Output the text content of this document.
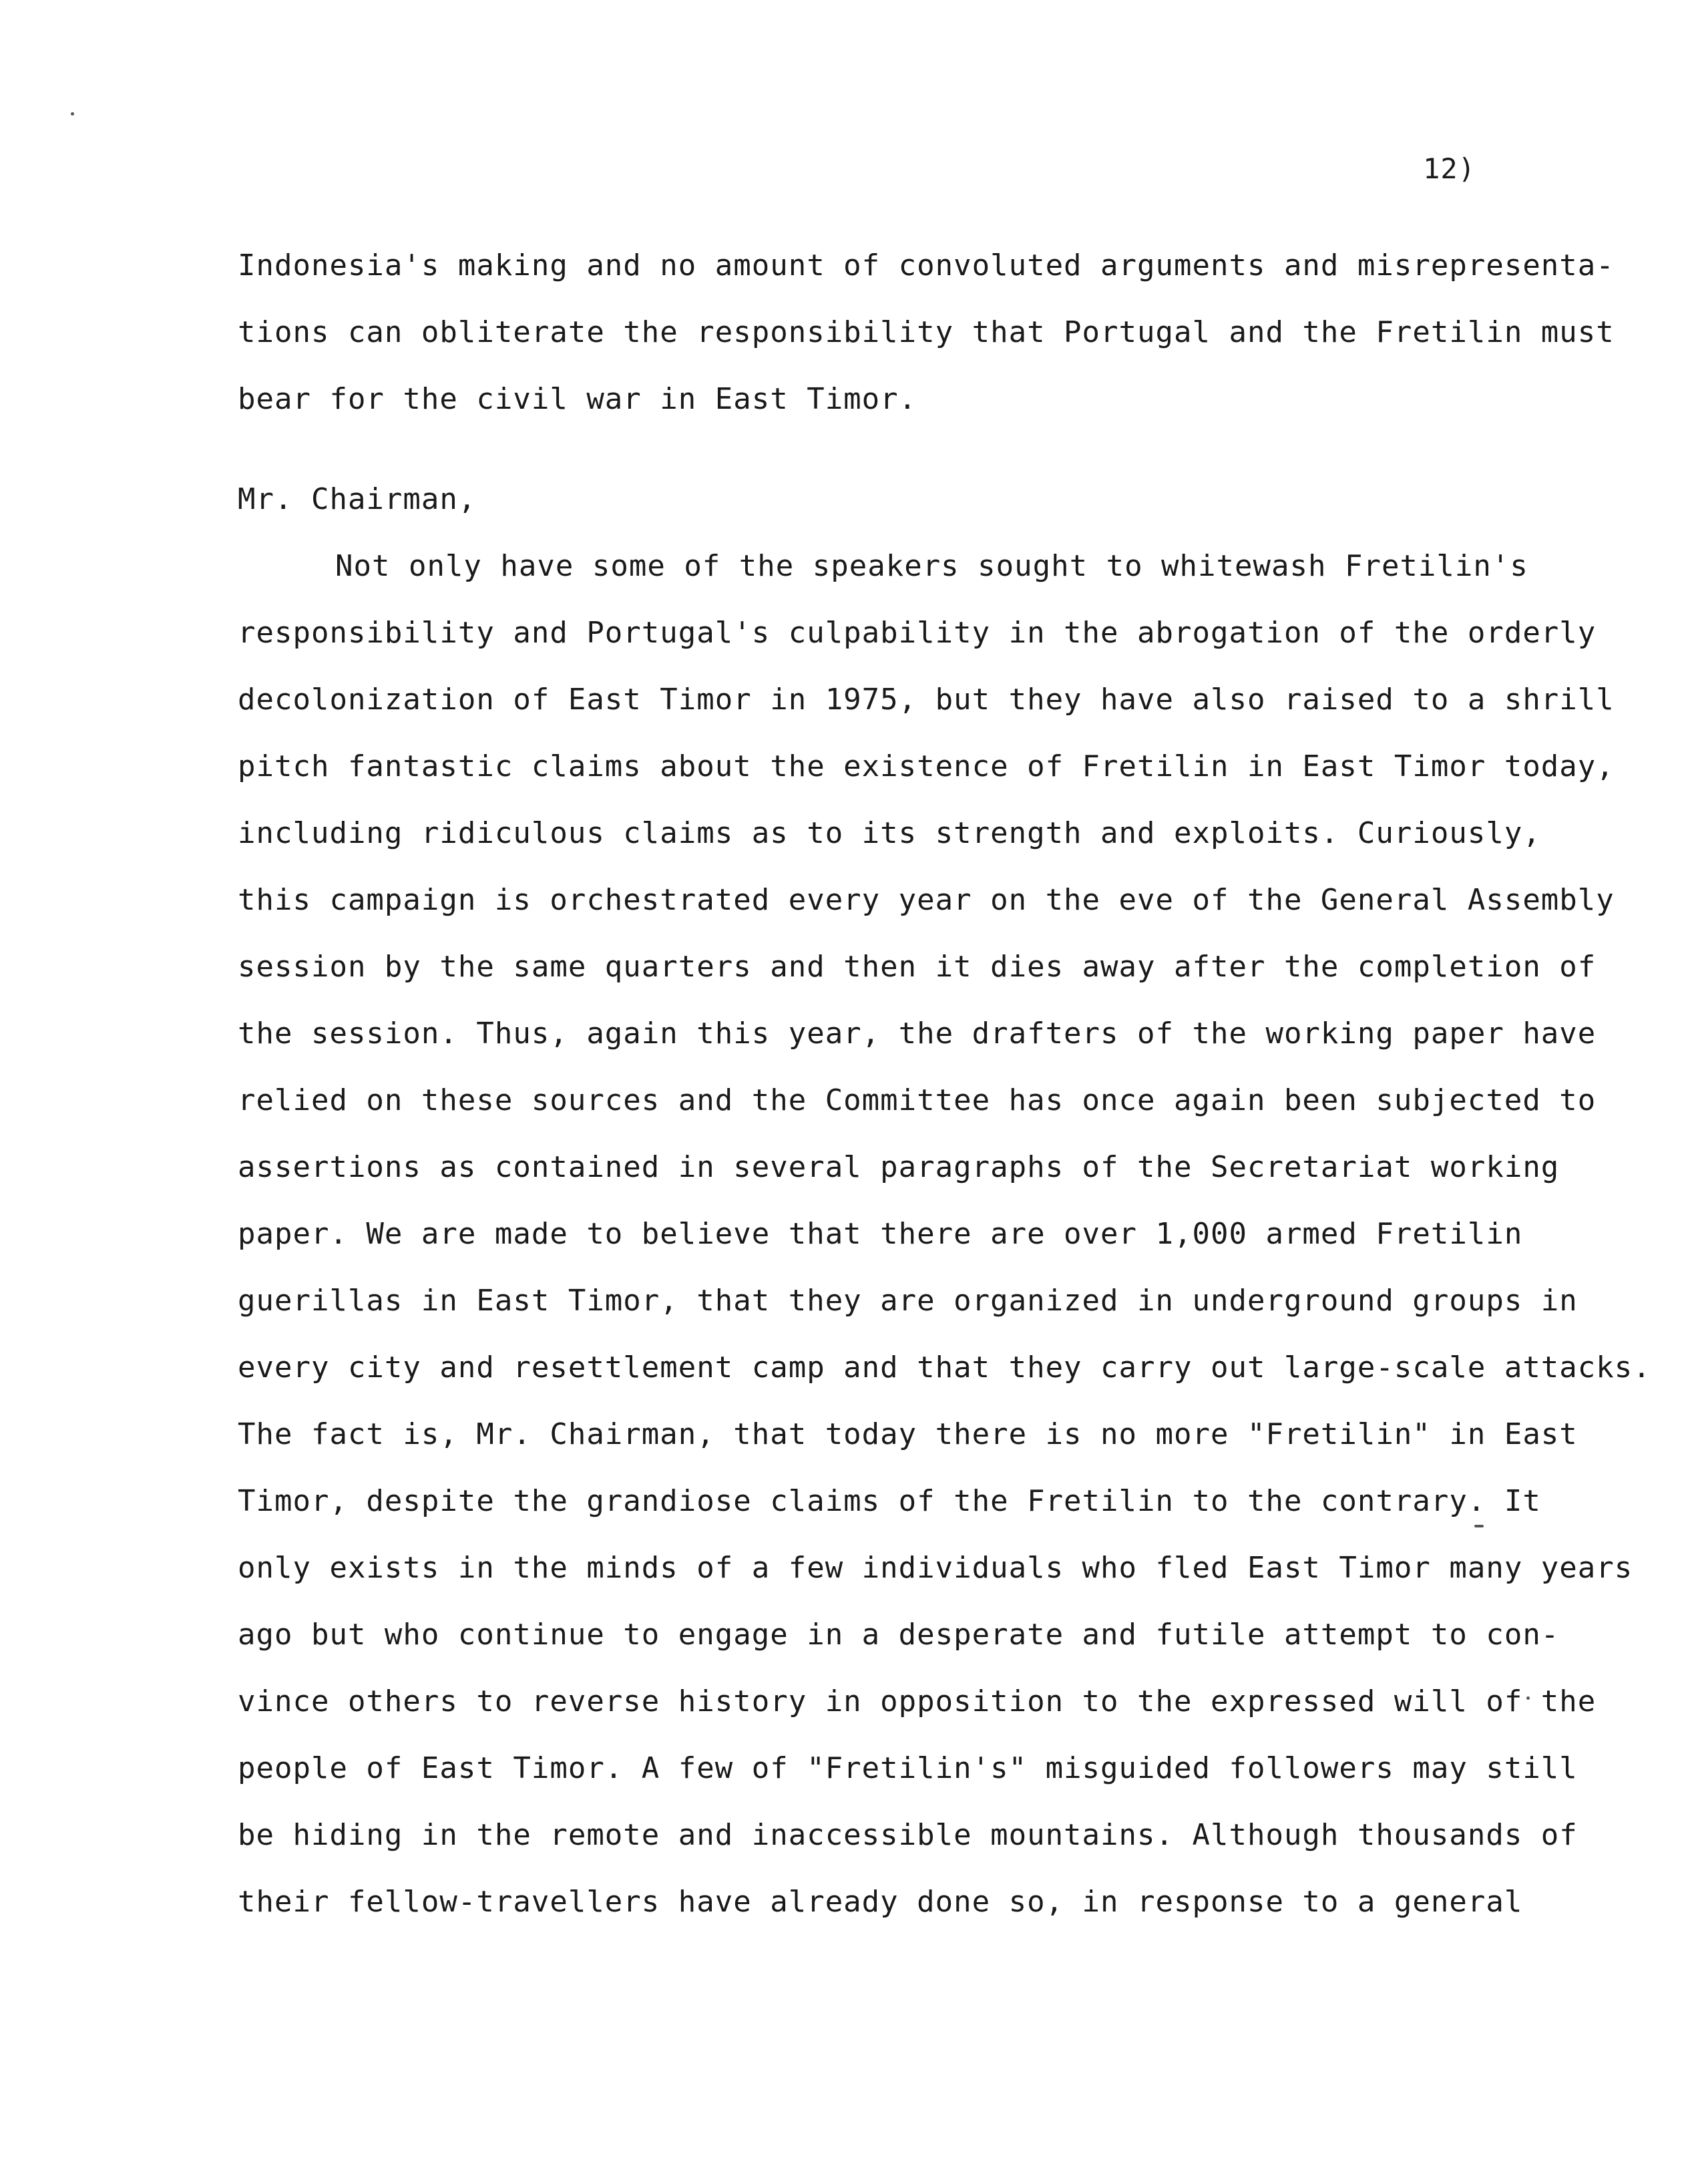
12)
Indonesia's making and no amount of convoluted arguments and misrepresenta-
tions can obliterate the responsibility that Portugal and the Fretilin must
bear for the civil war in East Timor.
Mr. Chairman,
Not only have some of the speakers sought to whitewash Fretilin's
responsibility and Portugal's culpability in the abrogation of the orderly
decolonization of East Timor in 1975, but they have also raised to a shrill
pitch fantastic claims about the existence of Fretilin in East Timor today,
including ridiculous claims as to its strength and exploits. Curiously,
this campaign is orchestrated every year on the eve of the General Assembly
session by the same quarters and then it dies away after the completion of
the session. Thus, again this year, the drafters of the working paper have
relied on these sources and the Committee has once again been subjected to
assertions as contained in several paragraphs of the Secretariat working
paper. We are made to believe that there are over 1,000 armed Fretilin
guerillas in East Timor, that they are organized in underground groups in
every city and resettlement camp and that they carry out large-scale attacks.
The fact is, Mr. Chairman, that today there is no more "Fretilin" in East
Timor, despite the grandiose claims of the Fretilin to the contrary. It
only exists in the minds of a few individuals who fled East Timor many years
ago but who continue to engage in a desperate and futile attempt to con-
vince others to reverse history in opposition to the expressed will of the
people of East Timor. A few of "Fretilin's" misguided followers may still
be hiding in the remote and inaccessible mountains. Although thousands of
their fellow-travellers have already done so, in response to a general
